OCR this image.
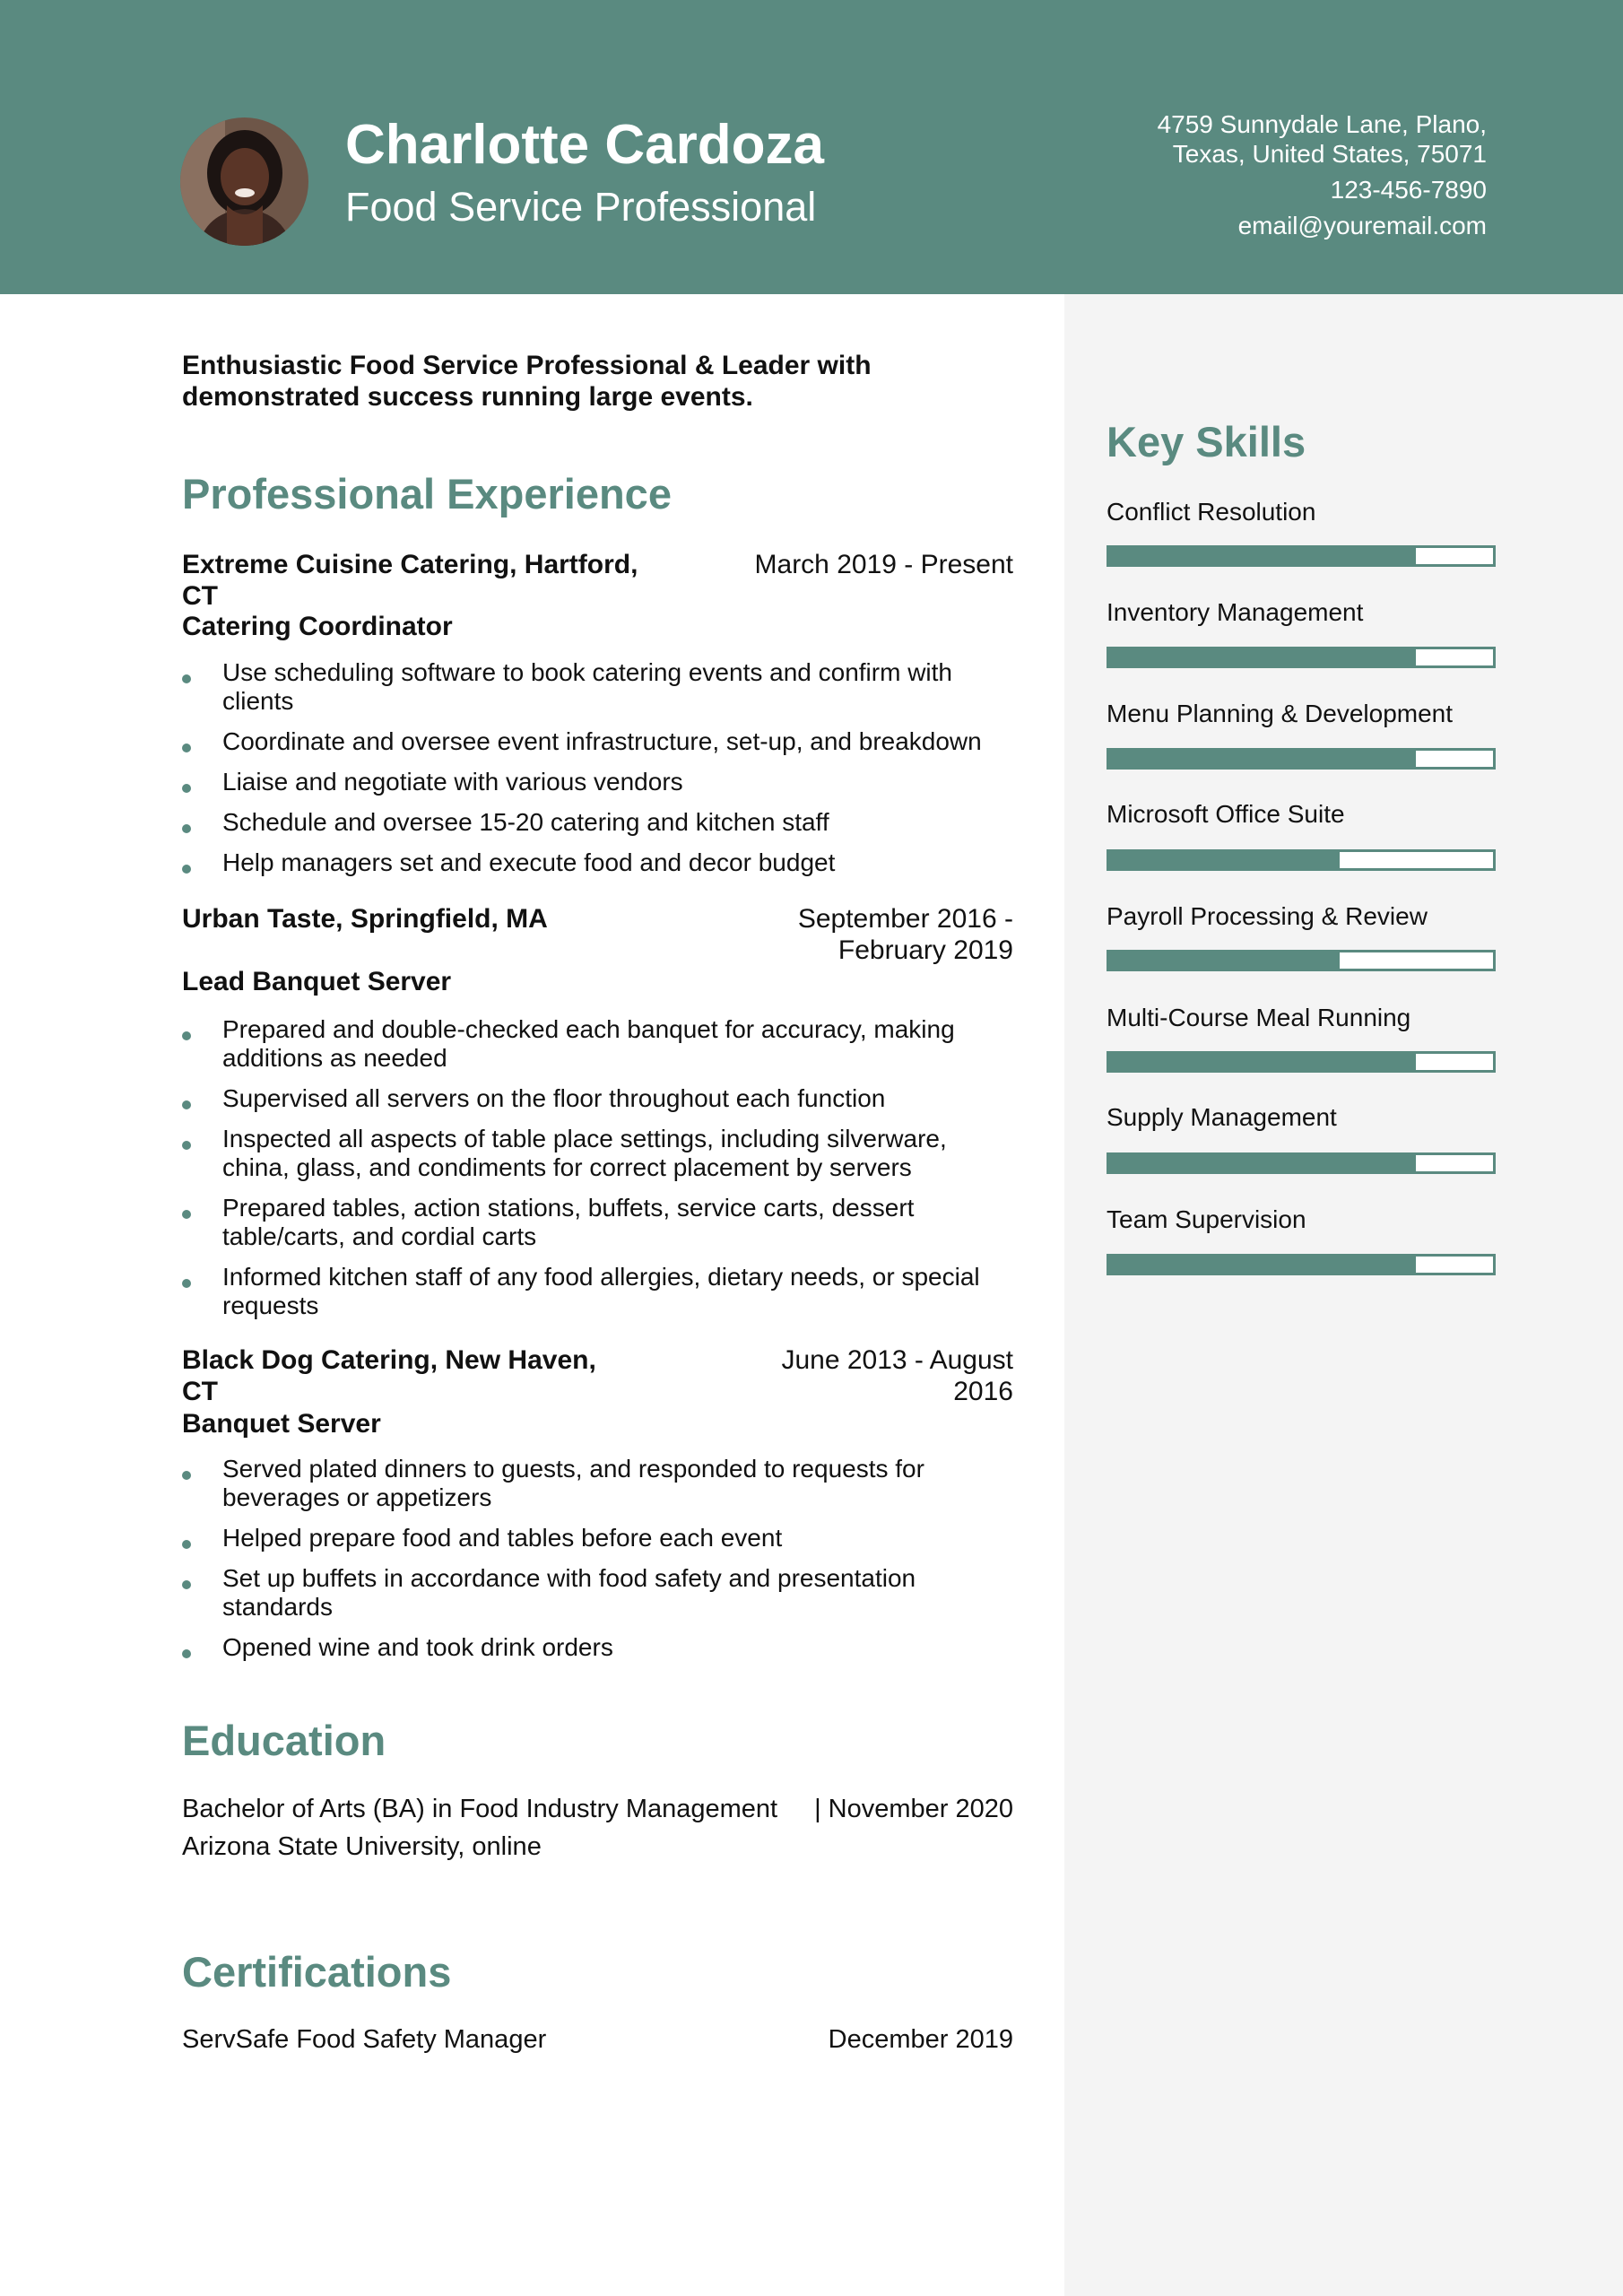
Charlotte Cardoza
Food Service Professional
4759 Sunnydale Lane, Plano,
Texas, United States, 75071
123-456-7890
email@youremail.com
Enthusiastic Food Service Professional & Leader with demonstrated success running large events.
Professional Experience
Extreme Cuisine Catering, Hartford, CT
March 2019 - Present
Catering Coordinator
Use scheduling software to book catering events and confirm with clients
Coordinate and oversee event infrastructure, set-up, and breakdown
Liaise and negotiate with various vendors
Schedule and oversee 15-20 catering and kitchen staff
Help managers set and execute food and decor budget
Urban Taste, Springfield, MA	September 2016 - February 2019
Lead Banquet Server
Prepared and double-checked each banquet for accuracy, making additions as needed
Supervised all servers on the floor throughout each function
Inspected all aspects of table place settings, including silverware, china, glass, and condiments for correct placement by servers
Prepared tables, action stations, buffets, service carts, dessert table/carts, and cordial carts
Informed kitchen staff of any food allergies, dietary needs, or special requests
Black Dog Catering, New Haven, CT
June 2013 - August 2016
Banquet Server
Served plated dinners to guests, and responded to requests for beverages or appetizers
Helped prepare food and tables before each event
Set up buffets in accordance with food safety and presentation standards
Opened wine and took drink orders
Education
Bachelor of Arts (BA) in Food Industry Management	| November 2020
Arizona State University, online
Certifications
ServSafe Food Safety Manager	December 2019
Key Skills
Conflict Resolution
Inventory Management
Menu Planning & Development
Microsoft Office Suite
Payroll Processing & Review
Multi-Course Meal Running
Supply Management
Team Supervision
